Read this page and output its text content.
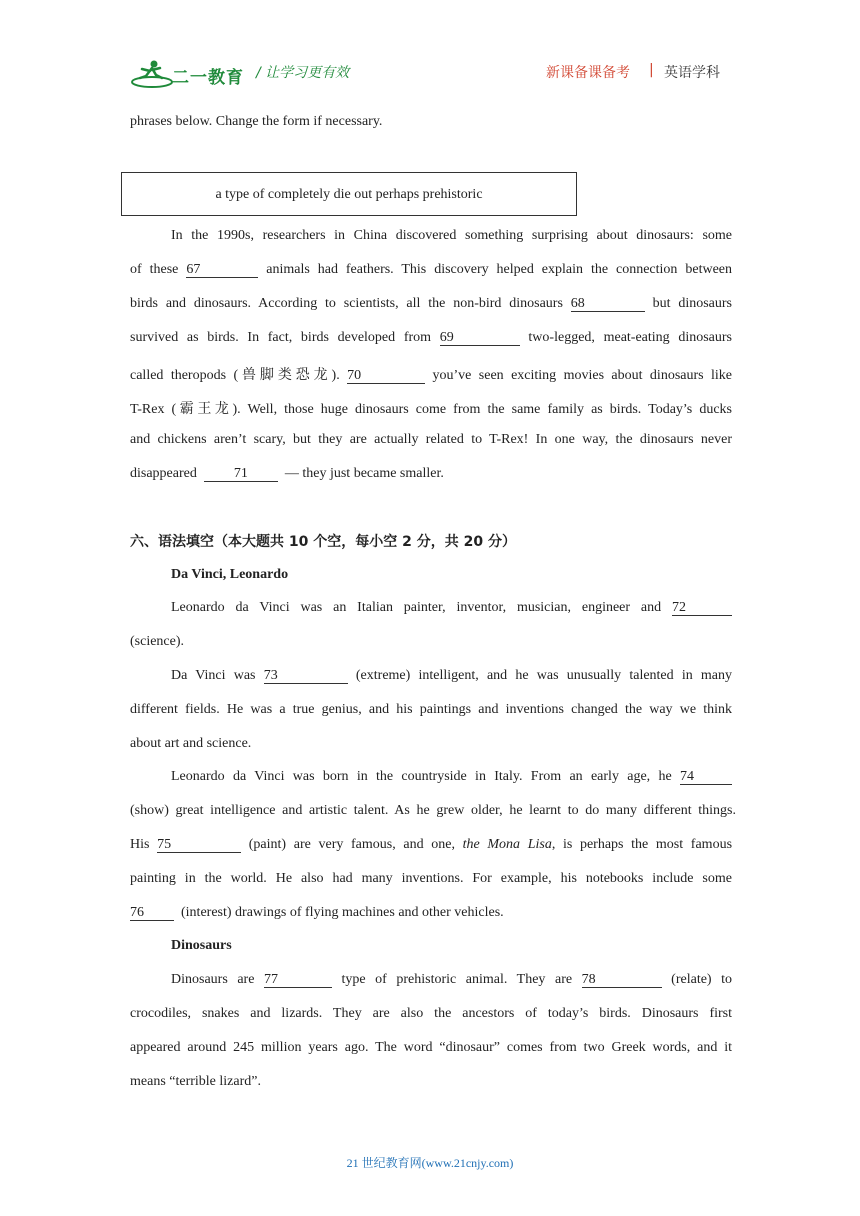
二一教育 / 让学习更有效	新课备课备考 | 英语学科
phrases below. Change the form if necessary.
a type of completely die out perhaps prehistoric
In the 1990s, researchers in China discovered something surprising about dinosaurs: some
of these 67	animals had feathers. This discovery helped explain the connection between
birds and dinosaurs. According to scientists, all the non-bird dinosaurs 68	but dinosaurs
survived as birds. In fact, birds developed from 69	two-legged, meat-eating dinosaurs
called theropods (兽脚类恐龙). 70	you’ve seen exciting movies about dinosaurs like
T-Rex (霸王龙). Well, those huge dinosaurs come from the same family as birds. Today’s ducks
and chickens aren’t scary, but they are actually related to T-Rex! In one way, the dinosaurs never
disappeared	71	— they just became smaller.
六、语法填空（本大题共 10 个空，每小空 2 分，共 20 分）
Da Vinci, Leonardo
Leonardo da Vinci was an Italian painter, inventor, musician, engineer and 72
(science).
Da Vinci was 73	(extreme) intelligent, and he was unusually talented in many
different fields. He was a true genius, and his paintings and inventions changed the way we think
about art and science.
Leonardo da Vinci was born in the countryside in Italy. From an early age, he 74
(show) great intelligence and artistic talent. As he grew older, he learnt to do many different things.
His 75	(paint) are very famous, and one, the Mona Lisa, is perhaps the most famous
painting in the world. He also had many inventions. For example, his notebooks include some
76	(interest) drawings of flying machines and other vehicles.
Dinosaurs
Dinosaurs are 77	type of prehistoric animal. They are 78	(relate) to
crocodiles, snakes and lizards. They are also the ancestors of today’s birds. Dinosaurs first
appeared around 245 million years ago. The word “dinosaur” comes from two Greek words, and it
means “terrible lizard”.
21 世纪教育网(www.21cnjy.com)
